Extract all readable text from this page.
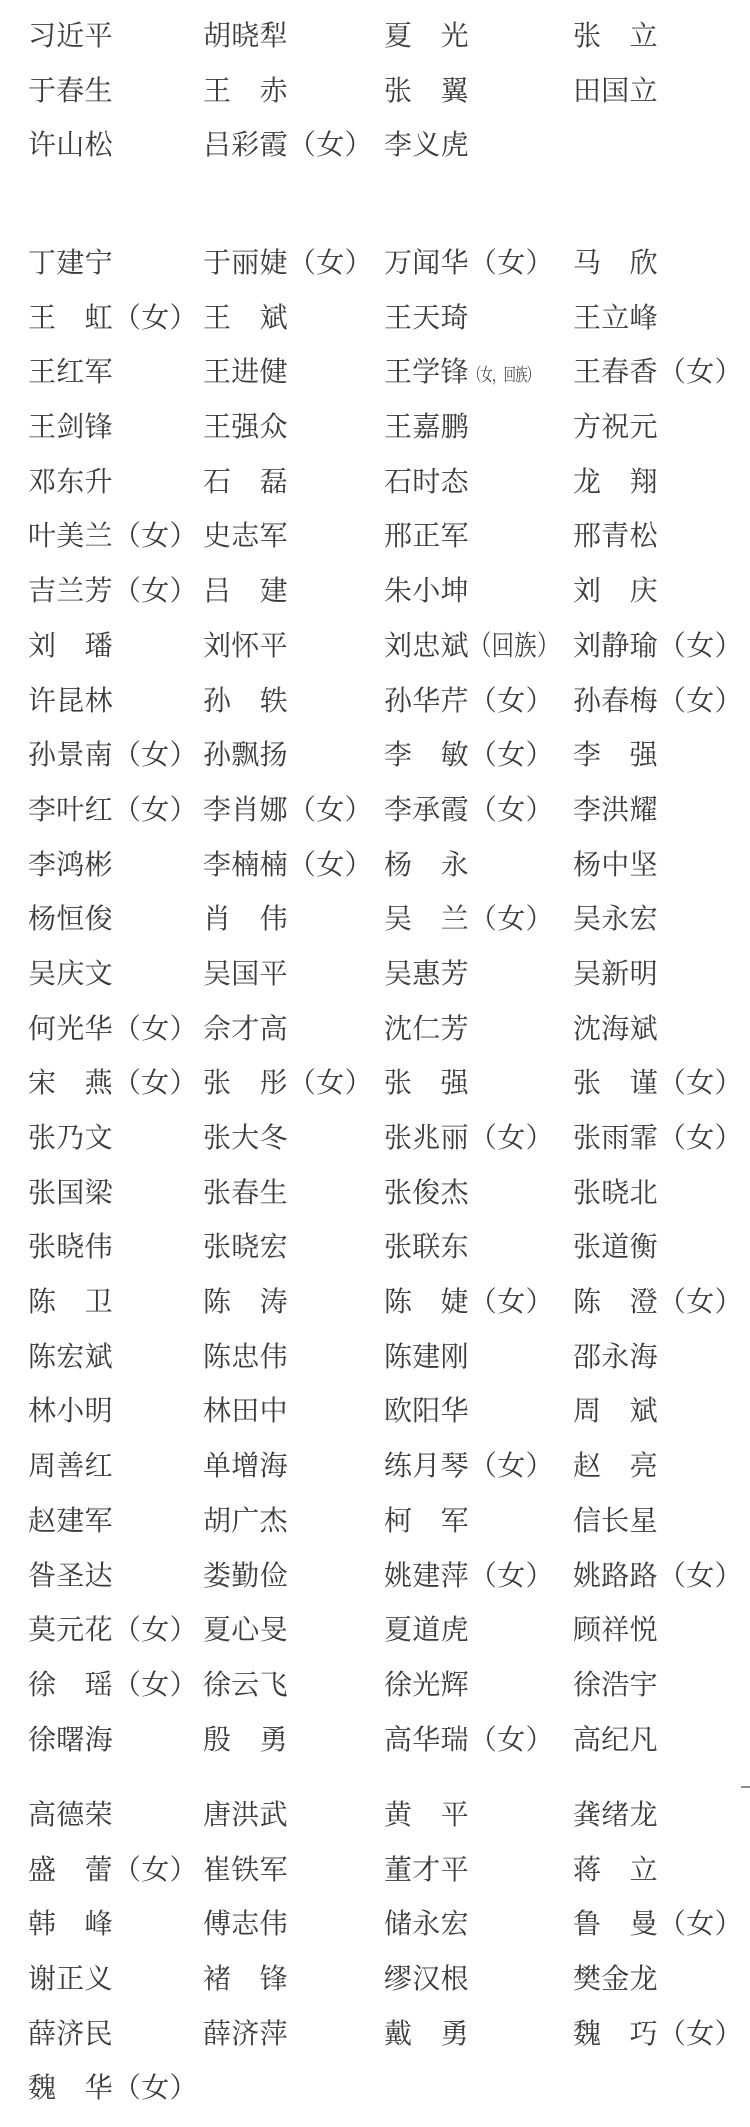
习近平	胡晓犁	夏　光	张　立
于春生	王　赤	张　翼	田国立
许山松	吕彩霞（女） 李义虎
丁建宁	于丽婕（女） 万闻华（女） 马　欣
王　虹（女） 王　斌	王天琦	王立峰
王红军	王进健	王学锋（女，回族）	王春香（女）
王剑锋	王强众	王嘉鹏	方祝元
邓东升	石　磊	石时态	龙　翔
叶美兰（女） 史志军	邢正军	邢青松
吉兰芳（女） 吕　建	朱小坤	刘　庆
刘　璠	刘怀平	刘忠斌（回族） 刘静瑜（女）
许昆林	孙　轶	孙华芹（女） 孙春梅（女）
孙景南（女） 孙飘扬	李　敏（女） 李　强
李叶红（女） 李肖娜（女） 李承霞（女） 李洪耀
李鸿彬	李楠楠（女） 杨　永	杨中坚
杨恒俊	肖　伟	吴　兰（女） 吴永宏
吴庆文	吴国平	吴惠芳	吴新明
何光华（女） 佘才高	沈仁芳	沈海斌
宋　燕（女） 张　彤（女） 张　强	张　谨（女）
张乃文	张大冬	张兆丽（女） 张雨霏（女）
张国梁	张春生	张俊杰	张晓北
张晓伟	张晓宏	张联东	张道衡
陈　卫	陈　涛	陈　婕（女） 陈　澄（女）
陈宏斌	陈忠伟	陈建刚	邵永海
林小明	林田中	欧阳华	周　斌
周善红	单增海	练月琴（女） 赵　亮
赵建军	胡广杰	柯　军	信长星
昝圣达	娄勤俭	姚建萍（女） 姚路路（女）
莫元花（女） 夏心旻	夏道虎	顾祥悦
徐　瑶（女） 徐云飞	徐光辉	徐浩宇
徐曙海	殷　勇	高华瑞（女） 高纪凡
高德荣	唐洪武	黄　平	龚绪龙
盛　蕾（女） 崔铁军	董才平	蒋　立
韩　峰	傅志伟	储永宏	鲁　曼（女）
谢正义	褚　锋	缪汉根	樊金龙
薛济民	薛济萍	戴　勇	魏　巧（女）
魏　华（女）
